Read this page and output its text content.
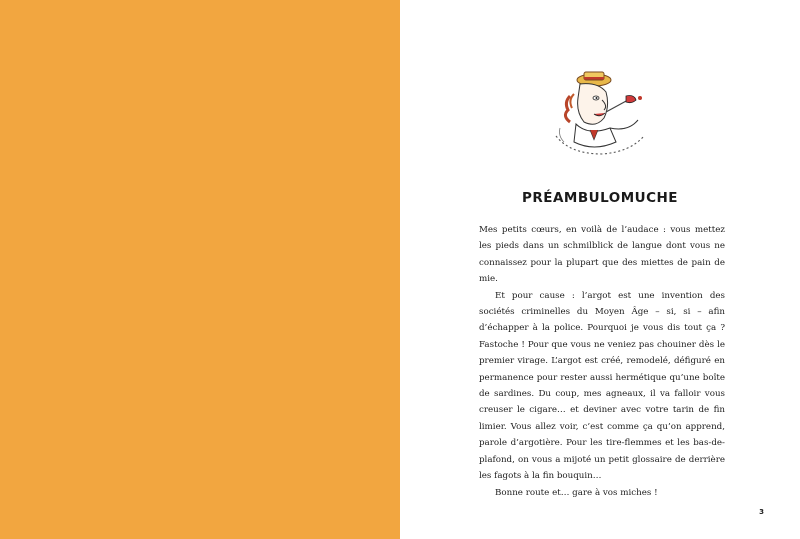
PRÉAMBULOMUCHE

Mes petits cœurs, en voilà de l’audace : vous mettez les pieds dans un schmilblick de langue dont vous ne connaissez pour la plupart que des miettes de pain de mie.

Et pour cause : l’argot est une invention des sociétés criminelles du Moyen Âge – si, si – afin d’échapper à la police. Pourquoi je vous dis tout ça ? Fastoche ! Pour que vous ne veniez pas chouiner dès le premier virage. L’argot est créé, remodelé, défiguré en permanence pour rester aussi hermétique qu’une boîte de sardines. Du coup, mes agneaux, il va falloir vous creuser le cigare… et deviner avec votre tarin de fin limier. Vous allez voir, c’est comme ça qu’on apprend, parole d’argotière. Pour les tire-flemmes et les bas-de-plafond, on vous a mijoté un petit glossaire de derrière les fagots à la fin bouquin…

Bonne route et… gare à vos miches !

3
